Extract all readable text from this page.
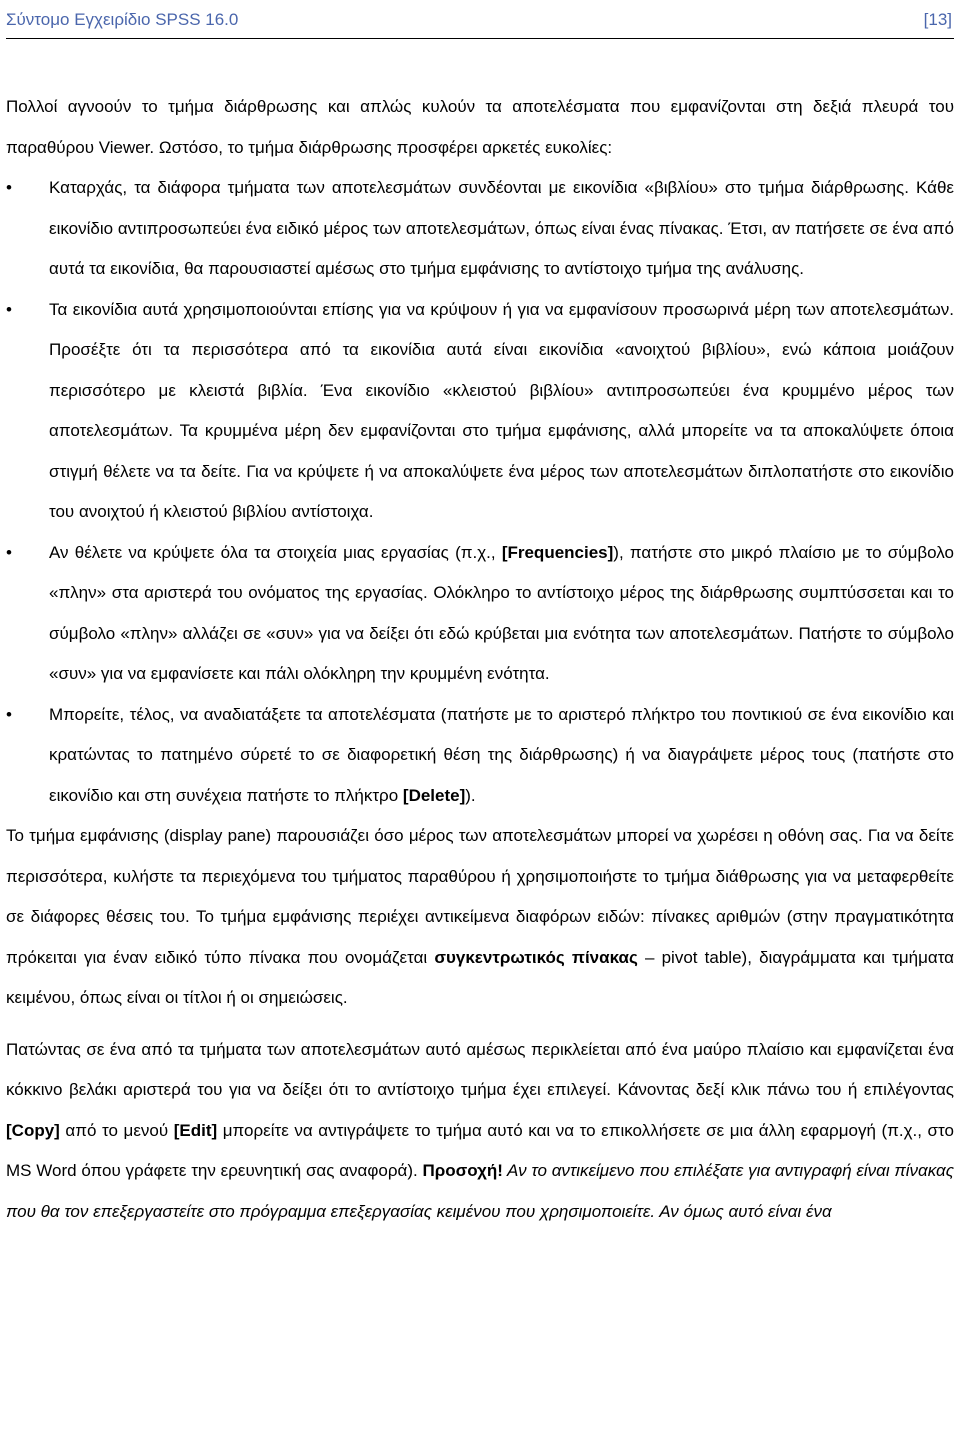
Σύντομο Εγχειρίδιο SPSS 16.0	[13]

Πολλοί αγνοούν το τμήμα διάρθρωσης και απλώς κυλούν τα αποτελέσματα που εμφανίζονται στη δεξιά πλευρά του παραθύρου Viewer. Ωστόσο, το τμήμα διάρθρωσης προσφέρει αρκετές ευκολίες:

•
Καταρχάς, τα διάφορα τμήματα των αποτελεσμάτων συνδέονται με εικονίδια «βιβλίου» στο τμήμα διάρθρωσης. Κάθε εικονίδιο αντιπροσωπεύει ένα ειδικό μέρος των αποτελεσμάτων, όπως είναι ένας πίνακας. Έτσι, αν πατήσετε σε ένα από αυτά τα εικονίδια, θα παρουσιαστεί αμέσως στο τμήμα εμφάνισης το αντίστοιχο τμήμα της ανάλυσης.
•
Τα εικονίδια αυτά χρησιμοποιούνται επίσης για να κρύψουν ή για να εμφανίσουν προσωρινά μέρη των αποτελεσμάτων. Προσέξτε ότι τα περισσότερα από τα εικονίδια αυτά είναι εικονίδια «ανοιχτού βιβλίου», ενώ κάποια μοιάζουν περισσότερο με κλειστά βιβλία. Ένα εικονίδιο «κλειστού βιβλίου» αντιπροσωπεύει ένα κρυμμένο μέρος των αποτελεσμάτων. Τα κρυμμένα μέρη δεν εμφανίζονται στο τμήμα εμφάνισης, αλλά μπορείτε να τα αποκαλύψετε όποια στιγμή θέλετε να τα δείτε. Για να κρύψετε ή να αποκαλύψετε ένα μέρος των αποτελεσμάτων διπλοπατήστε στο εικονίδιο του ανοιχτού ή κλειστού βιβλίου αντίστοιχα.
•
Αν θέλετε να κρύψετε όλα τα στοιχεία μιας εργασίας (π.χ., [Frequencies]), πατήστε στο μικρό πλαίσιο με το σύμβολο «πλην» στα αριστερά του ονόματος της εργασίας. Ολόκληρο το αντίστοιχο μέρος της διάρθρωσης συμπτύσσεται και το σύμβολο «πλην» αλλάζει σε «συν» για να δείξει ότι εδώ κρύβεται μια ενότητα των αποτελεσμάτων. Πατήστε το σύμβολο «συν» για να εμφανίσετε και πάλι ολόκληρη την κρυμμένη ενότητα.
•
Μπορείτε, τέλος, να αναδιατάξετε τα αποτελέσματα (πατήστε με το αριστερό πλήκτρο του ποντικιού σε ένα εικονίδιο και κρατώντας το πατημένο σύρετέ το σε διαφορετική θέση της διάρθρωσης) ή να διαγράψετε μέρος τους (πατήστε στο εικονίδιο και στη συνέχεια πατήστε το πλήκτρο [Delete]).

Το τμήμα εμφάνισης (display pane) παρουσιάζει όσο μέρος των αποτελεσμάτων μπορεί να χωρέσει η οθόνη σας. Για να δείτε περισσότερα, κυλήστε τα περιεχόμενα του τμήματος παραθύρου ή χρησιμοποιήστε το τμήμα διάθρωσης για να μεταφερθείτε σε διάφορες θέσεις του. Το τμήμα εμφάνισης περιέχει αντικείμενα διαφόρων ειδών: πίνακες αριθμών (στην πραγματικότητα πρόκειται για έναν ειδικό τύπο πίνακα που ονομάζεται συγκεντρωτικός πίνακας – pivot table), διαγράμματα και τμήματα κειμένου, όπως είναι οι τίτλοι ή οι σημειώσεις.

Πατώντας σε ένα από τα τμήματα των αποτελεσμάτων αυτό αμέσως περικλείεται από ένα μαύρο πλαίσιο και εμφανίζεται ένα κόκκινο βελάκι αριστερά του για να δείξει ότι το αντίστοιχο τμήμα έχει επιλεγεί. Κάνοντας δεξί κλικ πάνω του ή επιλέγοντας [Copy] από το μενού [Edit] μπορείτε να αντιγράψετε το τμήμα αυτό και να το επικολλήσετε σε μια άλλη εφαρμογή (π.χ., στο MS Word όπου γράφετε την ερευνητική σας αναφορά). Προσοχή! Αν το αντικείμενο που επιλέξατε για αντιγραφή είναι πίνακας που θα τον επεξεργαστείτε στο πρόγραμμα επεξεργασίας κειμένου που χρησιμοποιείτε. Αν όμως αυτό είναι ένα
